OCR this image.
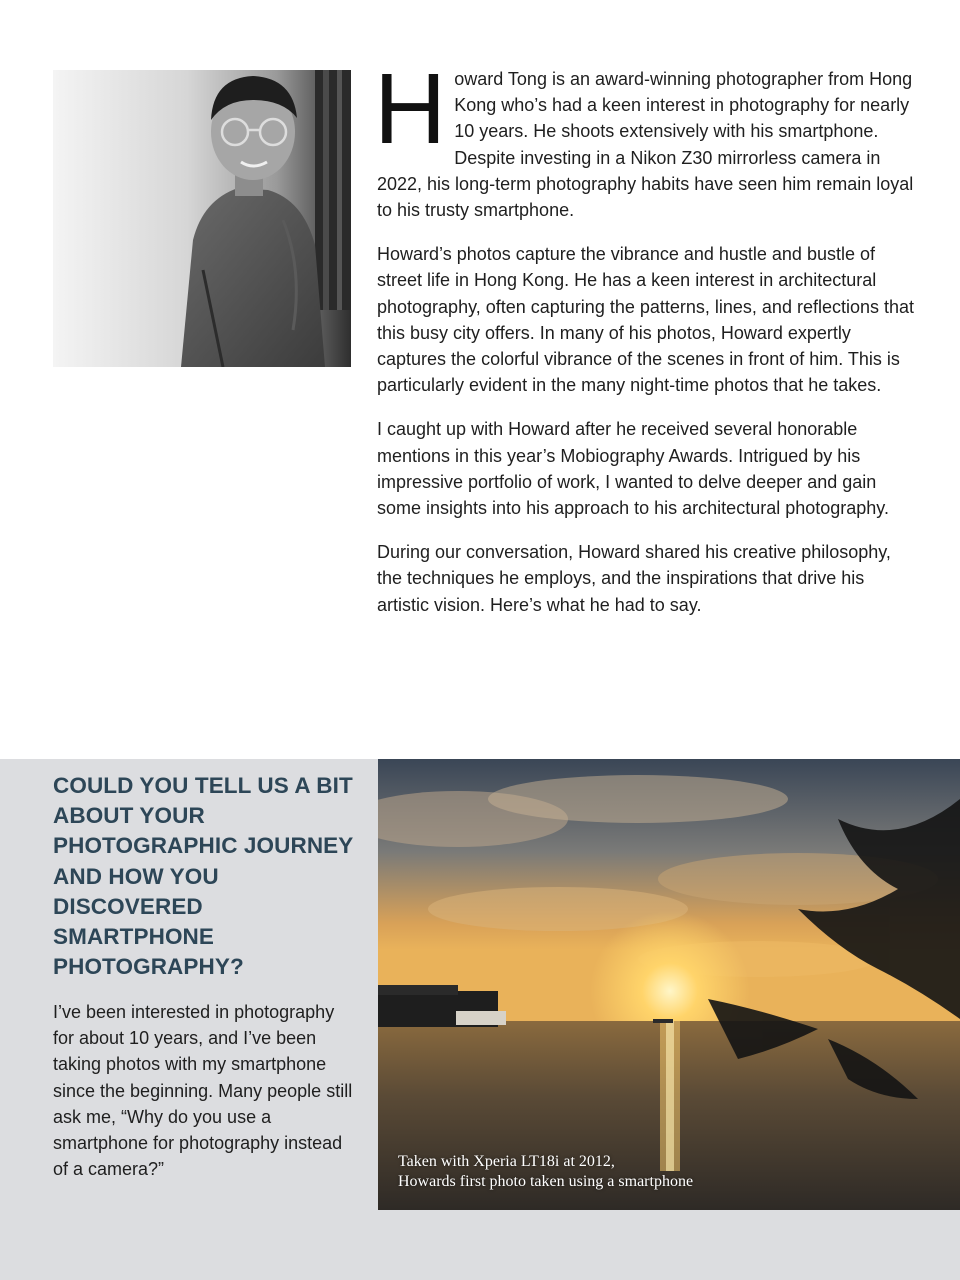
Howard Tong is an award-winning photographer from Hong Kong who’s had a keen interest in photography for nearly 10 years. He shoots extensively with his smartphone. Despite investing in a Nikon Z30 mirrorless camera in 2022, his long-term photography habits have seen him remain loyal to his trusty smartphone.

Howard’s photos capture the vibrance and hustle and bustle of street life in Hong Kong. He has a keen interest in architectural photography, often capturing the patterns, lines, and reflections that this busy city offers. In many of his photos, Howard expertly captures the colorful vibrance of the scenes in front of him. This is particularly evident in the many night-time photos that he takes.

I caught up with Howard after he received several honorable mentions in this year’s Mobiography Awards. Intrigued by his impressive portfolio of work, I wanted to delve deeper and gain some insights into his approach to his architectural photography.

During our conversation, Howard shared his creative philosophy, the techniques he employs, and the inspirations that drive his artistic vision. Here’s what he had to say.

COULD YOU TELL US A BIT ABOUT YOUR PHOTOGRAPHIC JOURNEY AND HOW YOU DISCOVERED SMARTPHONE PHOTOGRAPHY?

I’ve been interested in photography for about 10 years, and I’ve been taking photos with my smartphone since the beginning. Many people still ask me, “Why do you use a smartphone for photography instead of a camera?”	Taken with Xperia LT18i at 2012,
Howards first photo taken using a smartphone
